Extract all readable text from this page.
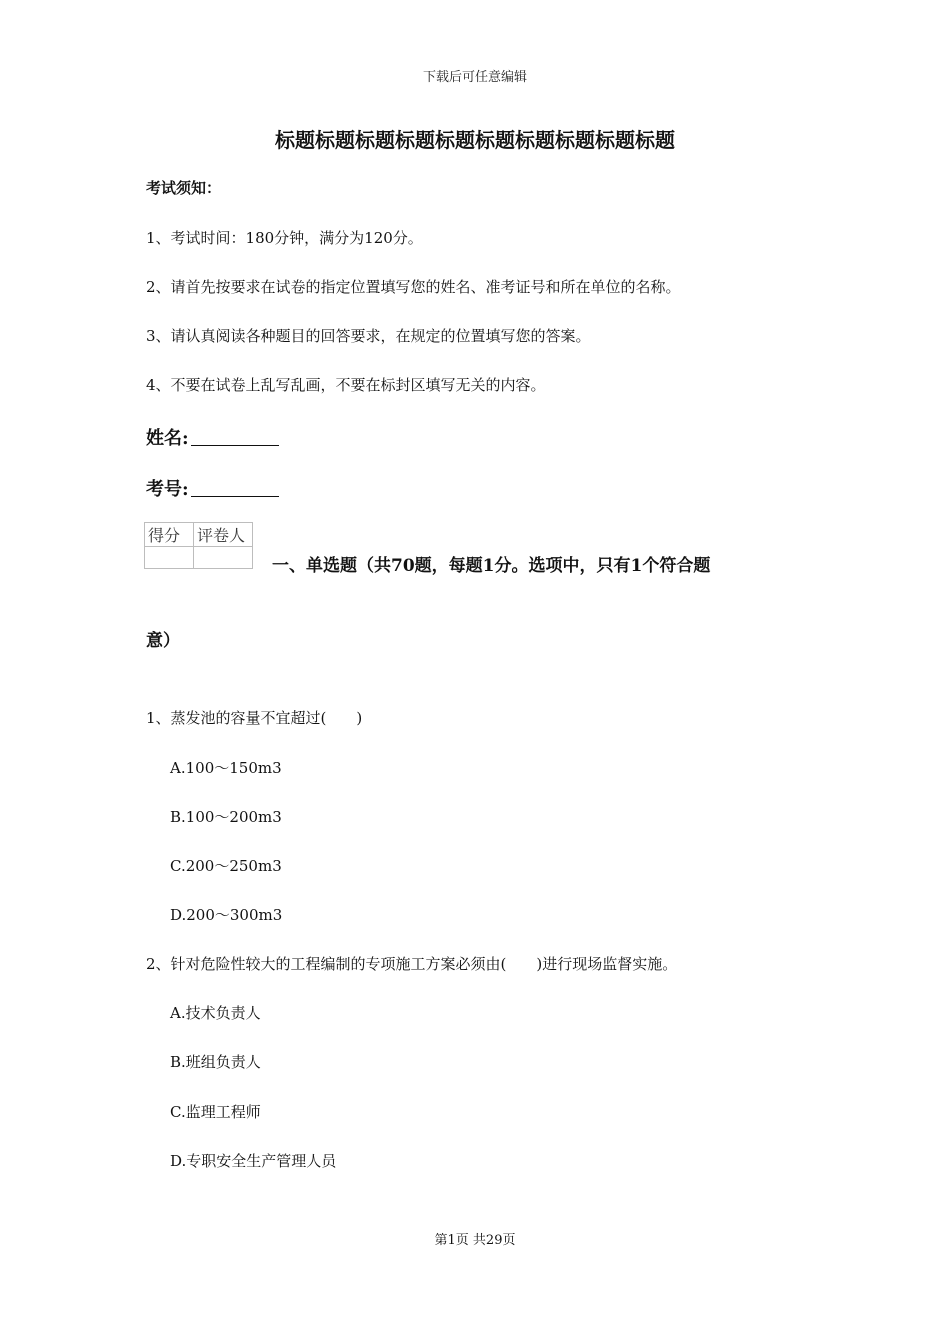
下载后可任意编辑
标题标题标题标题标题标题标题标题标题标题
考试须知：
1、考试时间：180分钟，满分为120分。
2、请首先按要求在试卷的指定位置填写您的姓名、准考证号和所在单位的名称。
3、请认真阅读各种题目的回答要求，在规定的位置填写您的答案。
4、不要在试卷上乱写乱画，不要在标封区填写无关的内容。
姓名:
考号:
得分	评卷人

一、单选题（共70题，每题1分。选项中，只有1个符合题
意）
1、蒸发池的容量不宜超过(　　)
A.100～150m3
B.100～200m3
C.200～250m3
D.200～300m3
2、针对危险性较大的工程编制的专项施工方案必须由(　　)进行现场监督实施。
A.技术负责人
B.班组负责人
C.监理工程师
D.专职安全生产管理人员
第1页 共29页
